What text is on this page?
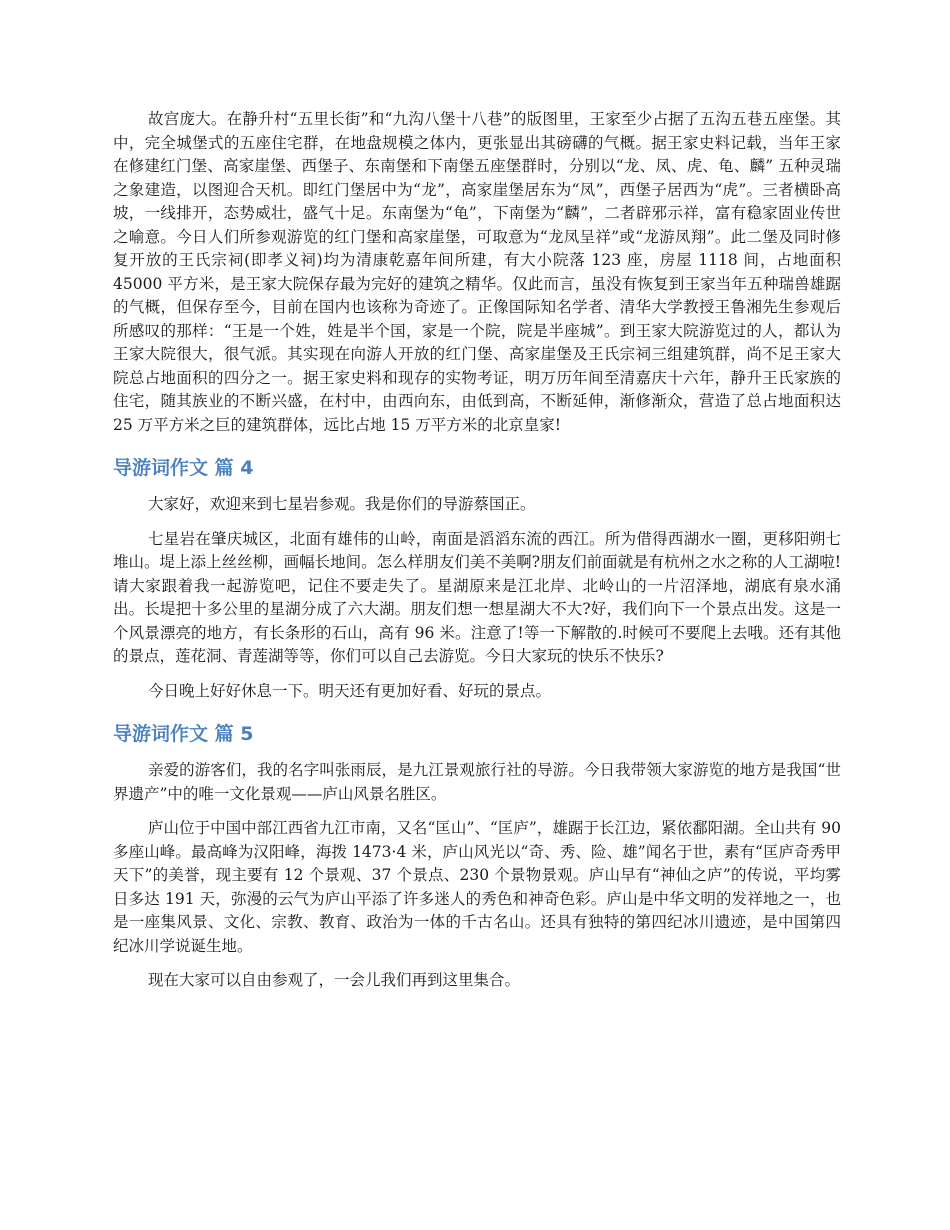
故宫庞大。在静升村“五里长街”和“九沟八堡十八巷”的版图里，王家至少占据了五沟五巷五座堡。其中，完全城堡式的五座住宅群，在地盘规模之体内，更张显出其磅礴的气概。据王家史料记载，当年王家在修建红门堡、高家崖堡、西堡子、东南堡和下南堡五座堡群时，分别以“龙、凤、虎、龟、麟” 五种灵瑞之象建造，以图迎合天机。即红门堡居中为“龙”，高家崖堡居东为“凤”，西堡子居西为“虎”。三者横卧高坡，一线排开，态势威壮，盛气十足。东南堡为“龟”，下南堡为“麟”，二者辟邪示祥，富有稳家固业传世之喻意。今日人们所参观游览的红门堡和高家崖堡，可取意为“龙凤呈祥”或“龙游凤翔”。此二堡及同时修复开放的王氏宗祠(即孝义祠)均为清康乾嘉年间所建，有大小院落 123 座，房屋 1118 间，占地面积 45000 平方米，是王家大院保存最为完好的建筑之精华。仅此而言，虽没有恢复到王家当年五种瑞兽雄踞的气概，但保存至今，目前在国内也该称为奇迹了。正像国际知名学者、清华大学教授王鲁湘先生参观后所感叹的那样：“王是一个姓，姓是半个国，家是一个院，院是半座城”。到王家大院游览过的人，都认为王家大院很大，很气派。其实现在向游人开放的红门堡、高家崖堡及王氏宗祠三组建筑群，尚不足王家大院总占地面积的四分之一。据王家史料和现存的实物考证，明万历年间至清嘉庆十六年，静升王氏家族的住宅，随其族业的不断兴盛，在村中，由西向东，由低到高，不断延伸，渐修渐众，营造了总占地面积达 25 万平方米之巨的建筑群体，远比占地 15 万平方米的北京皇家!

导游词作文 篇 4

大家好，欢迎来到七星岩参观。我是你们的导游蔡国正。

七星岩在肇庆城区，北面有雄伟的山岭，南面是滔滔东流的西江。所为借得西湖水一圈，更移阳朔七堆山。堤上添上丝丝柳，画幅长地间。怎么样朋友们美不美啊?朋友们前面就是有杭州之水之称的人工湖啦!请大家跟着我一起游览吧，记住不要走失了。星湖原来是江北岸、北岭山的一片沼泽地，湖底有泉水涌出。长堤把十多公里的星湖分成了六大湖。朋友们想一想星湖大不大?好，我们向下一个景点出发。这是一个风景漂亮的地方，有长条形的石山，高有 96 米。注意了!等一下解散的.时候可不要爬上去哦。还有其他的景点，莲花洞、青莲湖等等，你们可以自己去游览。今日大家玩的快乐不快乐?

今日晚上好好休息一下。明天还有更加好看、好玩的景点。

导游词作文 篇 5

亲爱的游客们，我的名字叫张雨辰，是九江景观旅行社的导游。今日我带领大家游览的地方是我国“世界遗产”中的唯一文化景观——庐山风景名胜区。

庐山位于中国中部江西省九江市南，又名“匡山”、“匡庐”，雄踞于长江边，紧依鄱阳湖。全山共有 90 多座山峰。最高峰为汉阳峰，海拨 1473·4 米，庐山风光以“奇、秀、险、雄”闻名于世，素有“匡庐奇秀甲天下”的美誉，现主要有 12 个景观、37 个景点、230 个景物景观。庐山早有“神仙之庐”的传说，平均雾日多达 191 天，弥漫的云气为庐山平添了许多迷人的秀色和神奇色彩。庐山是中华文明的发祥地之一，也是一座集风景、文化、宗教、教育、政治为一体的千古名山。还具有独特的第四纪冰川遗迹，是中国第四纪冰川学说诞生地。

现在大家可以自由参观了，一会儿我们再到这里集合。
